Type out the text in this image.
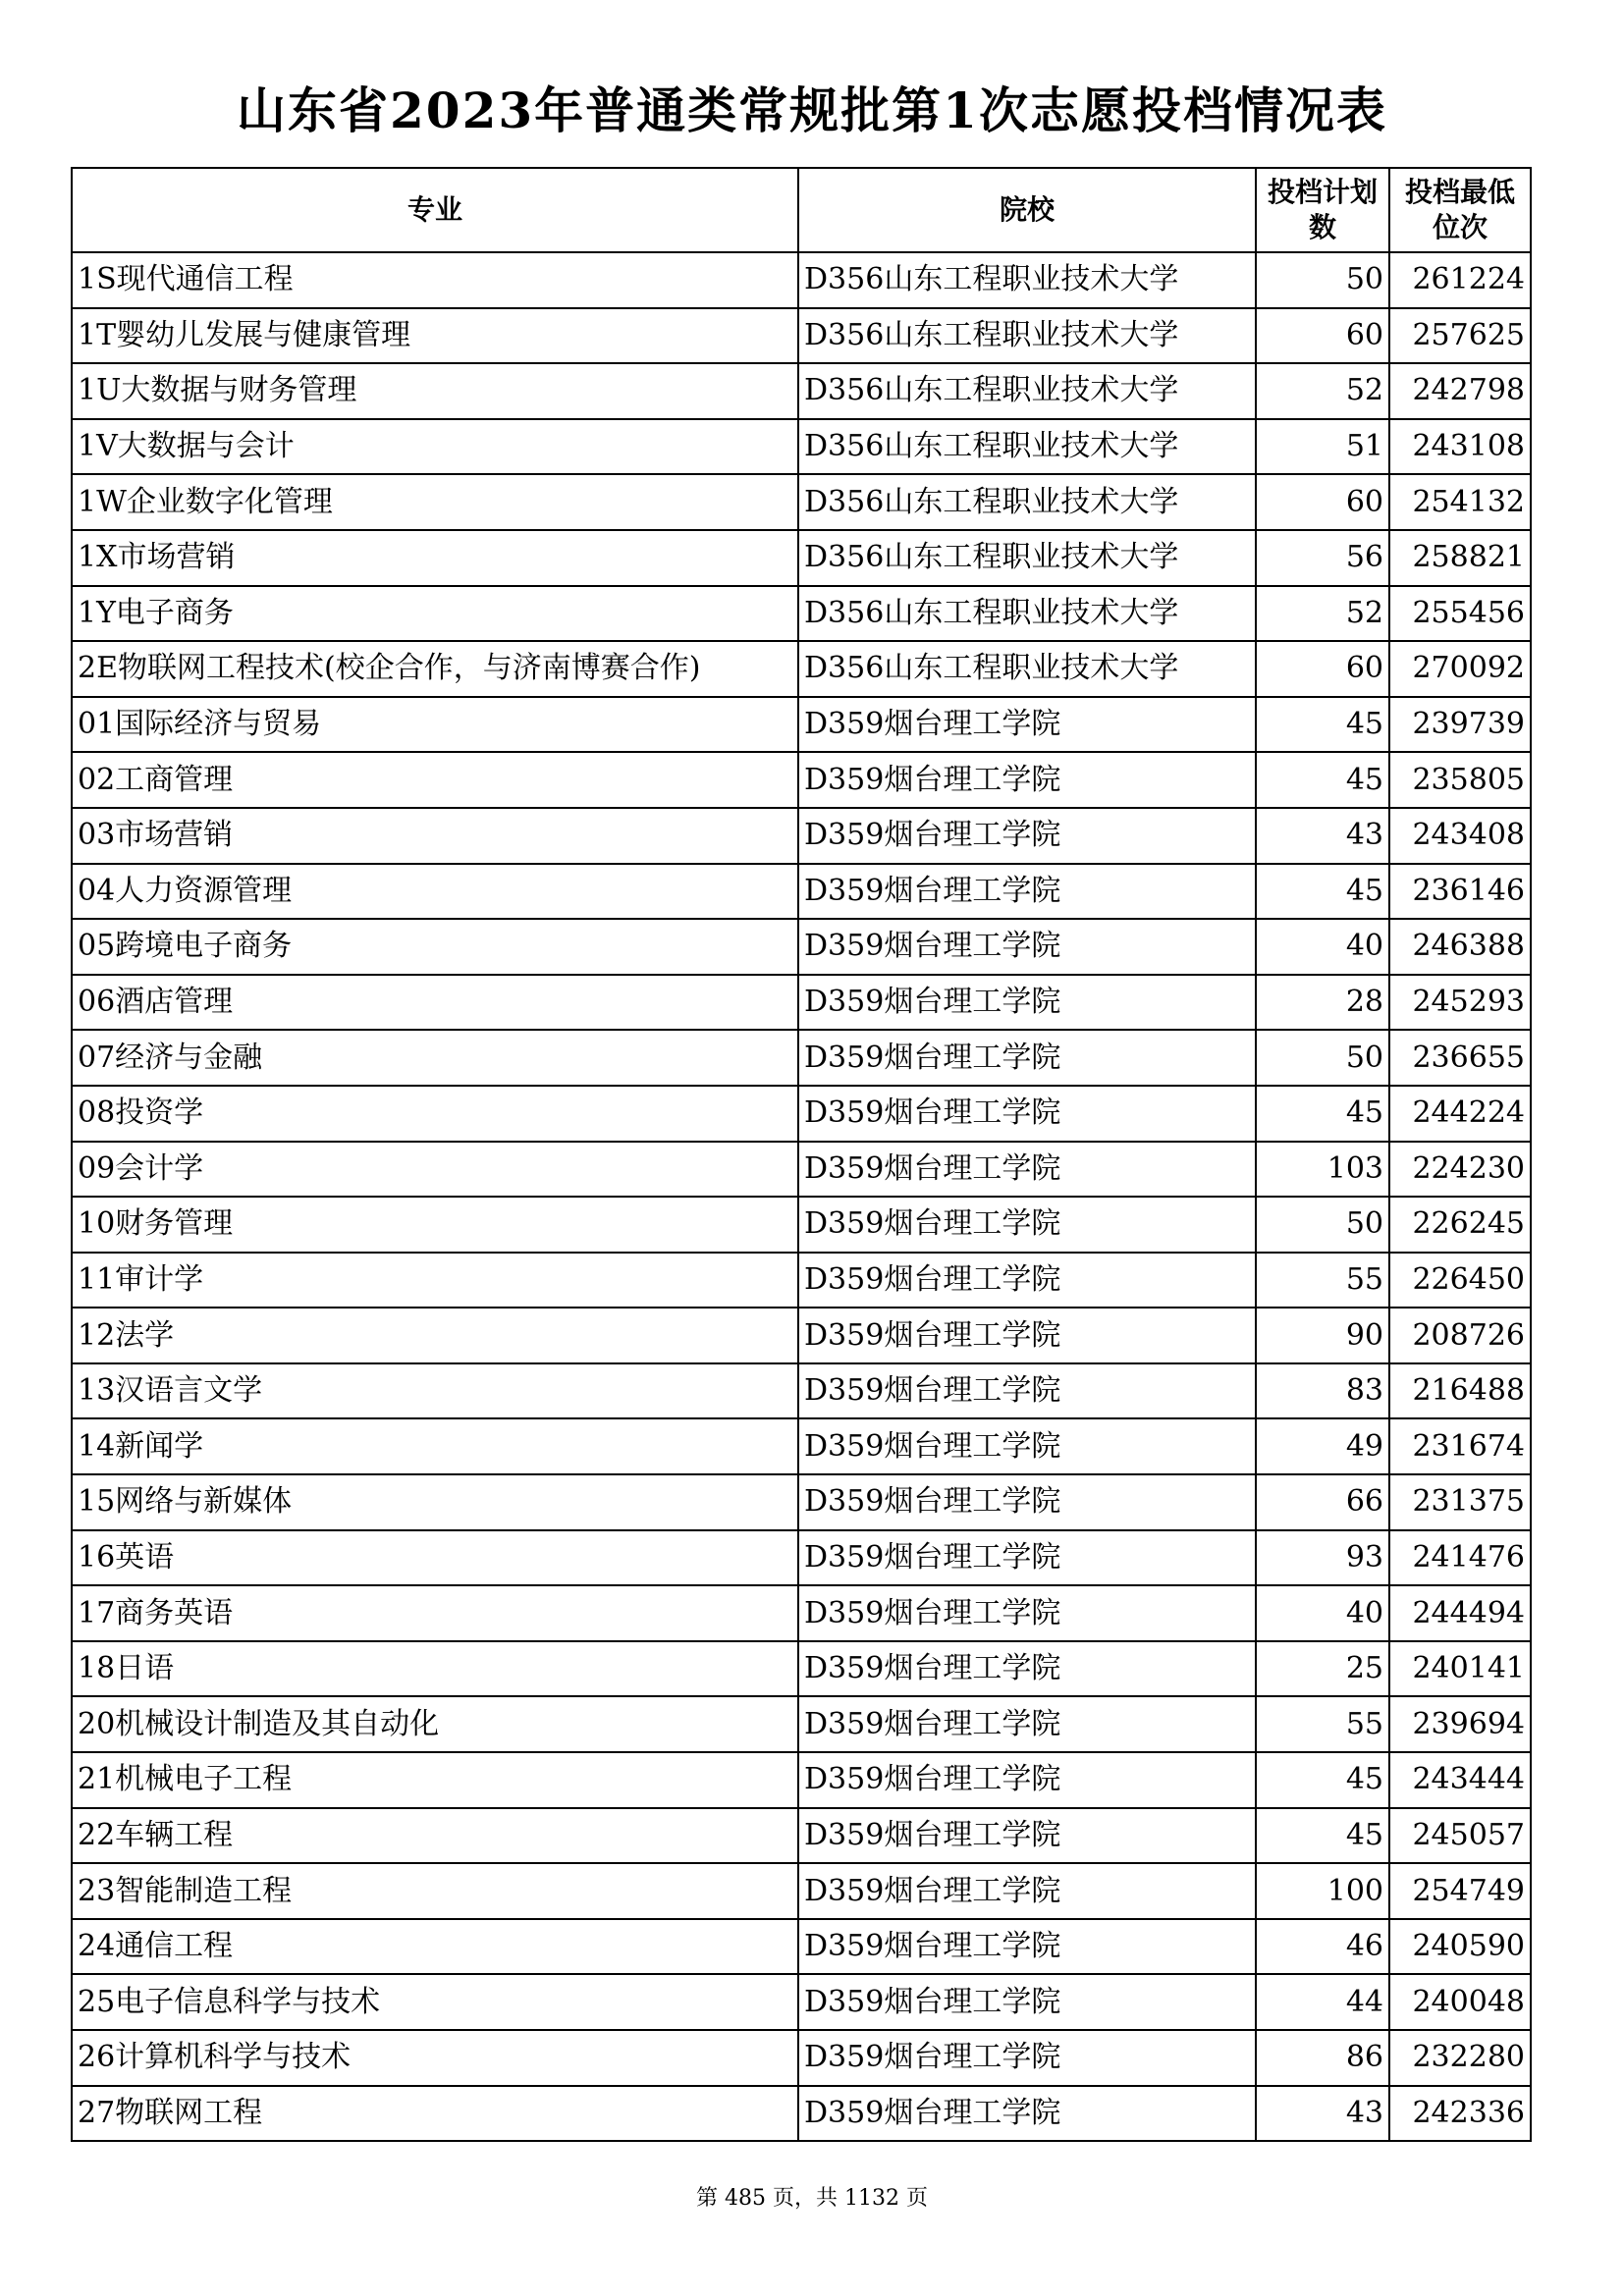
山东省2023年普通类常规批第1次志愿投档情况表
专业	院校	投档计划数	投档最低位次
1S现代通信工程	D356山东工程职业技术大学	50	261224
1T婴幼儿发展与健康管理	D356山东工程职业技术大学	60	257625
1U大数据与财务管理	D356山东工程职业技术大学	52	242798
1V大数据与会计	D356山东工程职业技术大学	51	243108
1W企业数字化管理	D356山东工程职业技术大学	60	254132
1X市场营销	D356山东工程职业技术大学	56	258821
1Y电子商务	D356山东工程职业技术大学	52	255456
2E物联网工程技术(校企合作，与济南博赛合作)	D356山东工程职业技术大学	60	270092
01国际经济与贸易	D359烟台理工学院	45	239739
02工商管理	D359烟台理工学院	45	235805
03市场营销	D359烟台理工学院	43	243408
04人力资源管理	D359烟台理工学院	45	236146
05跨境电子商务	D359烟台理工学院	40	246388
06酒店管理	D359烟台理工学院	28	245293
07经济与金融	D359烟台理工学院	50	236655
08投资学	D359烟台理工学院	45	244224
09会计学	D359烟台理工学院	103	224230
10财务管理	D359烟台理工学院	50	226245
11审计学	D359烟台理工学院	55	226450
12法学	D359烟台理工学院	90	208726
13汉语言文学	D359烟台理工学院	83	216488
14新闻学	D359烟台理工学院	49	231674
15网络与新媒体	D359烟台理工学院	66	231375
16英语	D359烟台理工学院	93	241476
17商务英语	D359烟台理工学院	40	244494
18日语	D359烟台理工学院	25	240141
20机械设计制造及其自动化	D359烟台理工学院	55	239694
21机械电子工程	D359烟台理工学院	45	243444
22车辆工程	D359烟台理工学院	45	245057
23智能制造工程	D359烟台理工学院	100	254749
24通信工程	D359烟台理工学院	46	240590
25电子信息科学与技术	D359烟台理工学院	44	240048
26计算机科学与技术	D359烟台理工学院	86	232280
27物联网工程	D359烟台理工学院	43	242336
第 485 页，共 1132 页
